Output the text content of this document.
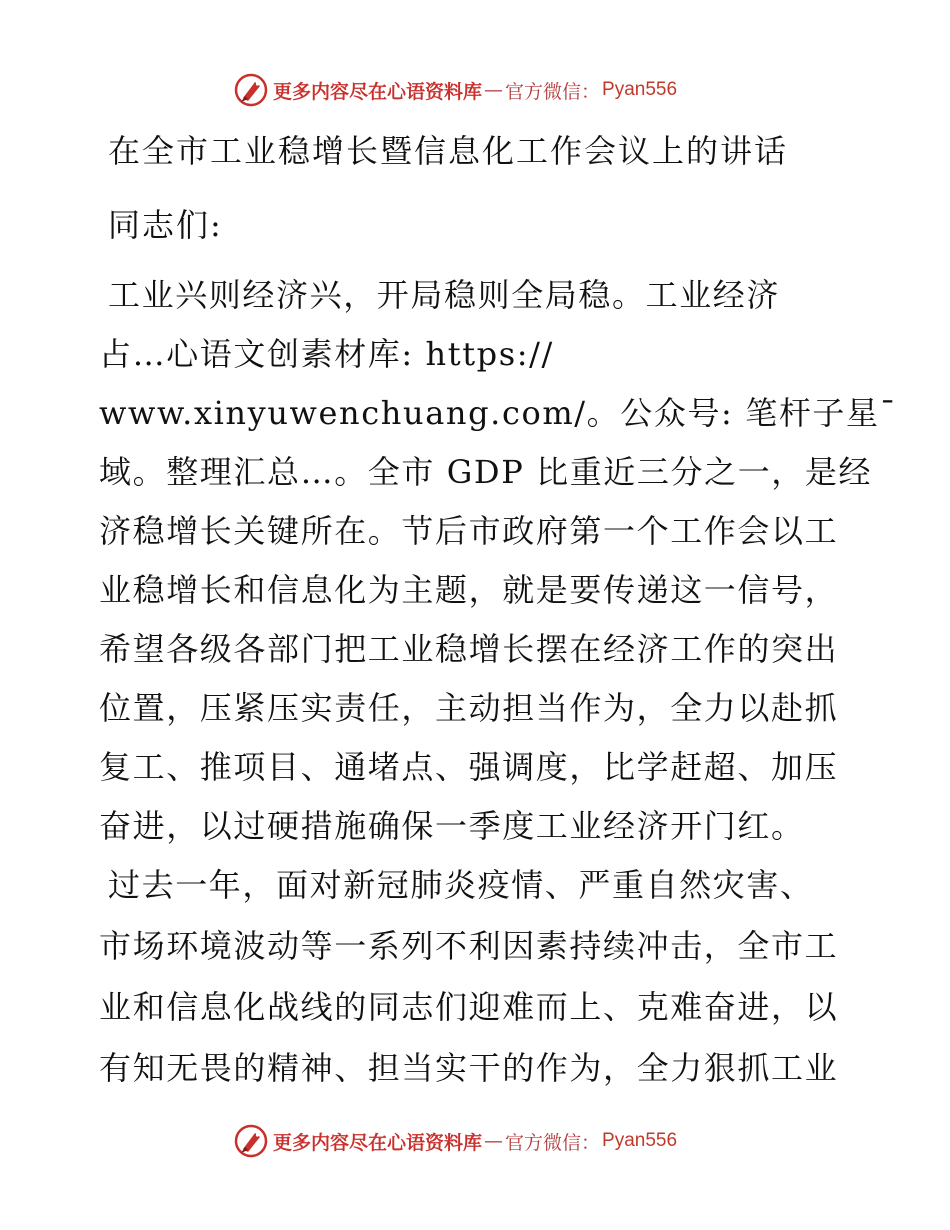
更多内容尽在心语资料库 — 官方微信： Pyan556
在全市工业稳增长暨信息化工作会议上的讲话
同志们:
工业兴则经济兴，开局稳则全局稳。工业经济
占…心语文创素材库: https://
www.xinyuwenchuang.com/。公众号: 笔杆子星¯
域。整理汇总…。全市 GDP 比重近三分之一，是经
济稳增长关键所在。节后市政府第一个工作会以工
业稳增长和信息化为主题，就是要传递这一信号，
希望各级各部门把工业稳增长摆在经济工作的突出
位置，压紧压实责任，主动担当作为，全力以赴抓
复工、推项目、通堵点、强调度，比学赶超、加压
奋进，以过硬措施确保一季度工业经济开门红。
过去一年，面对新冠肺炎疫情、严重自然灾害、
市场环境波动等一系列不利因素持续冲击，全市工
业和信息化战线的同志们迎难而上、克难奋进，以
有知无畏的精神、担当实干的作为，全力狠抓工业
更多内容尽在心语资料库 — 官方微信： Pyan556
